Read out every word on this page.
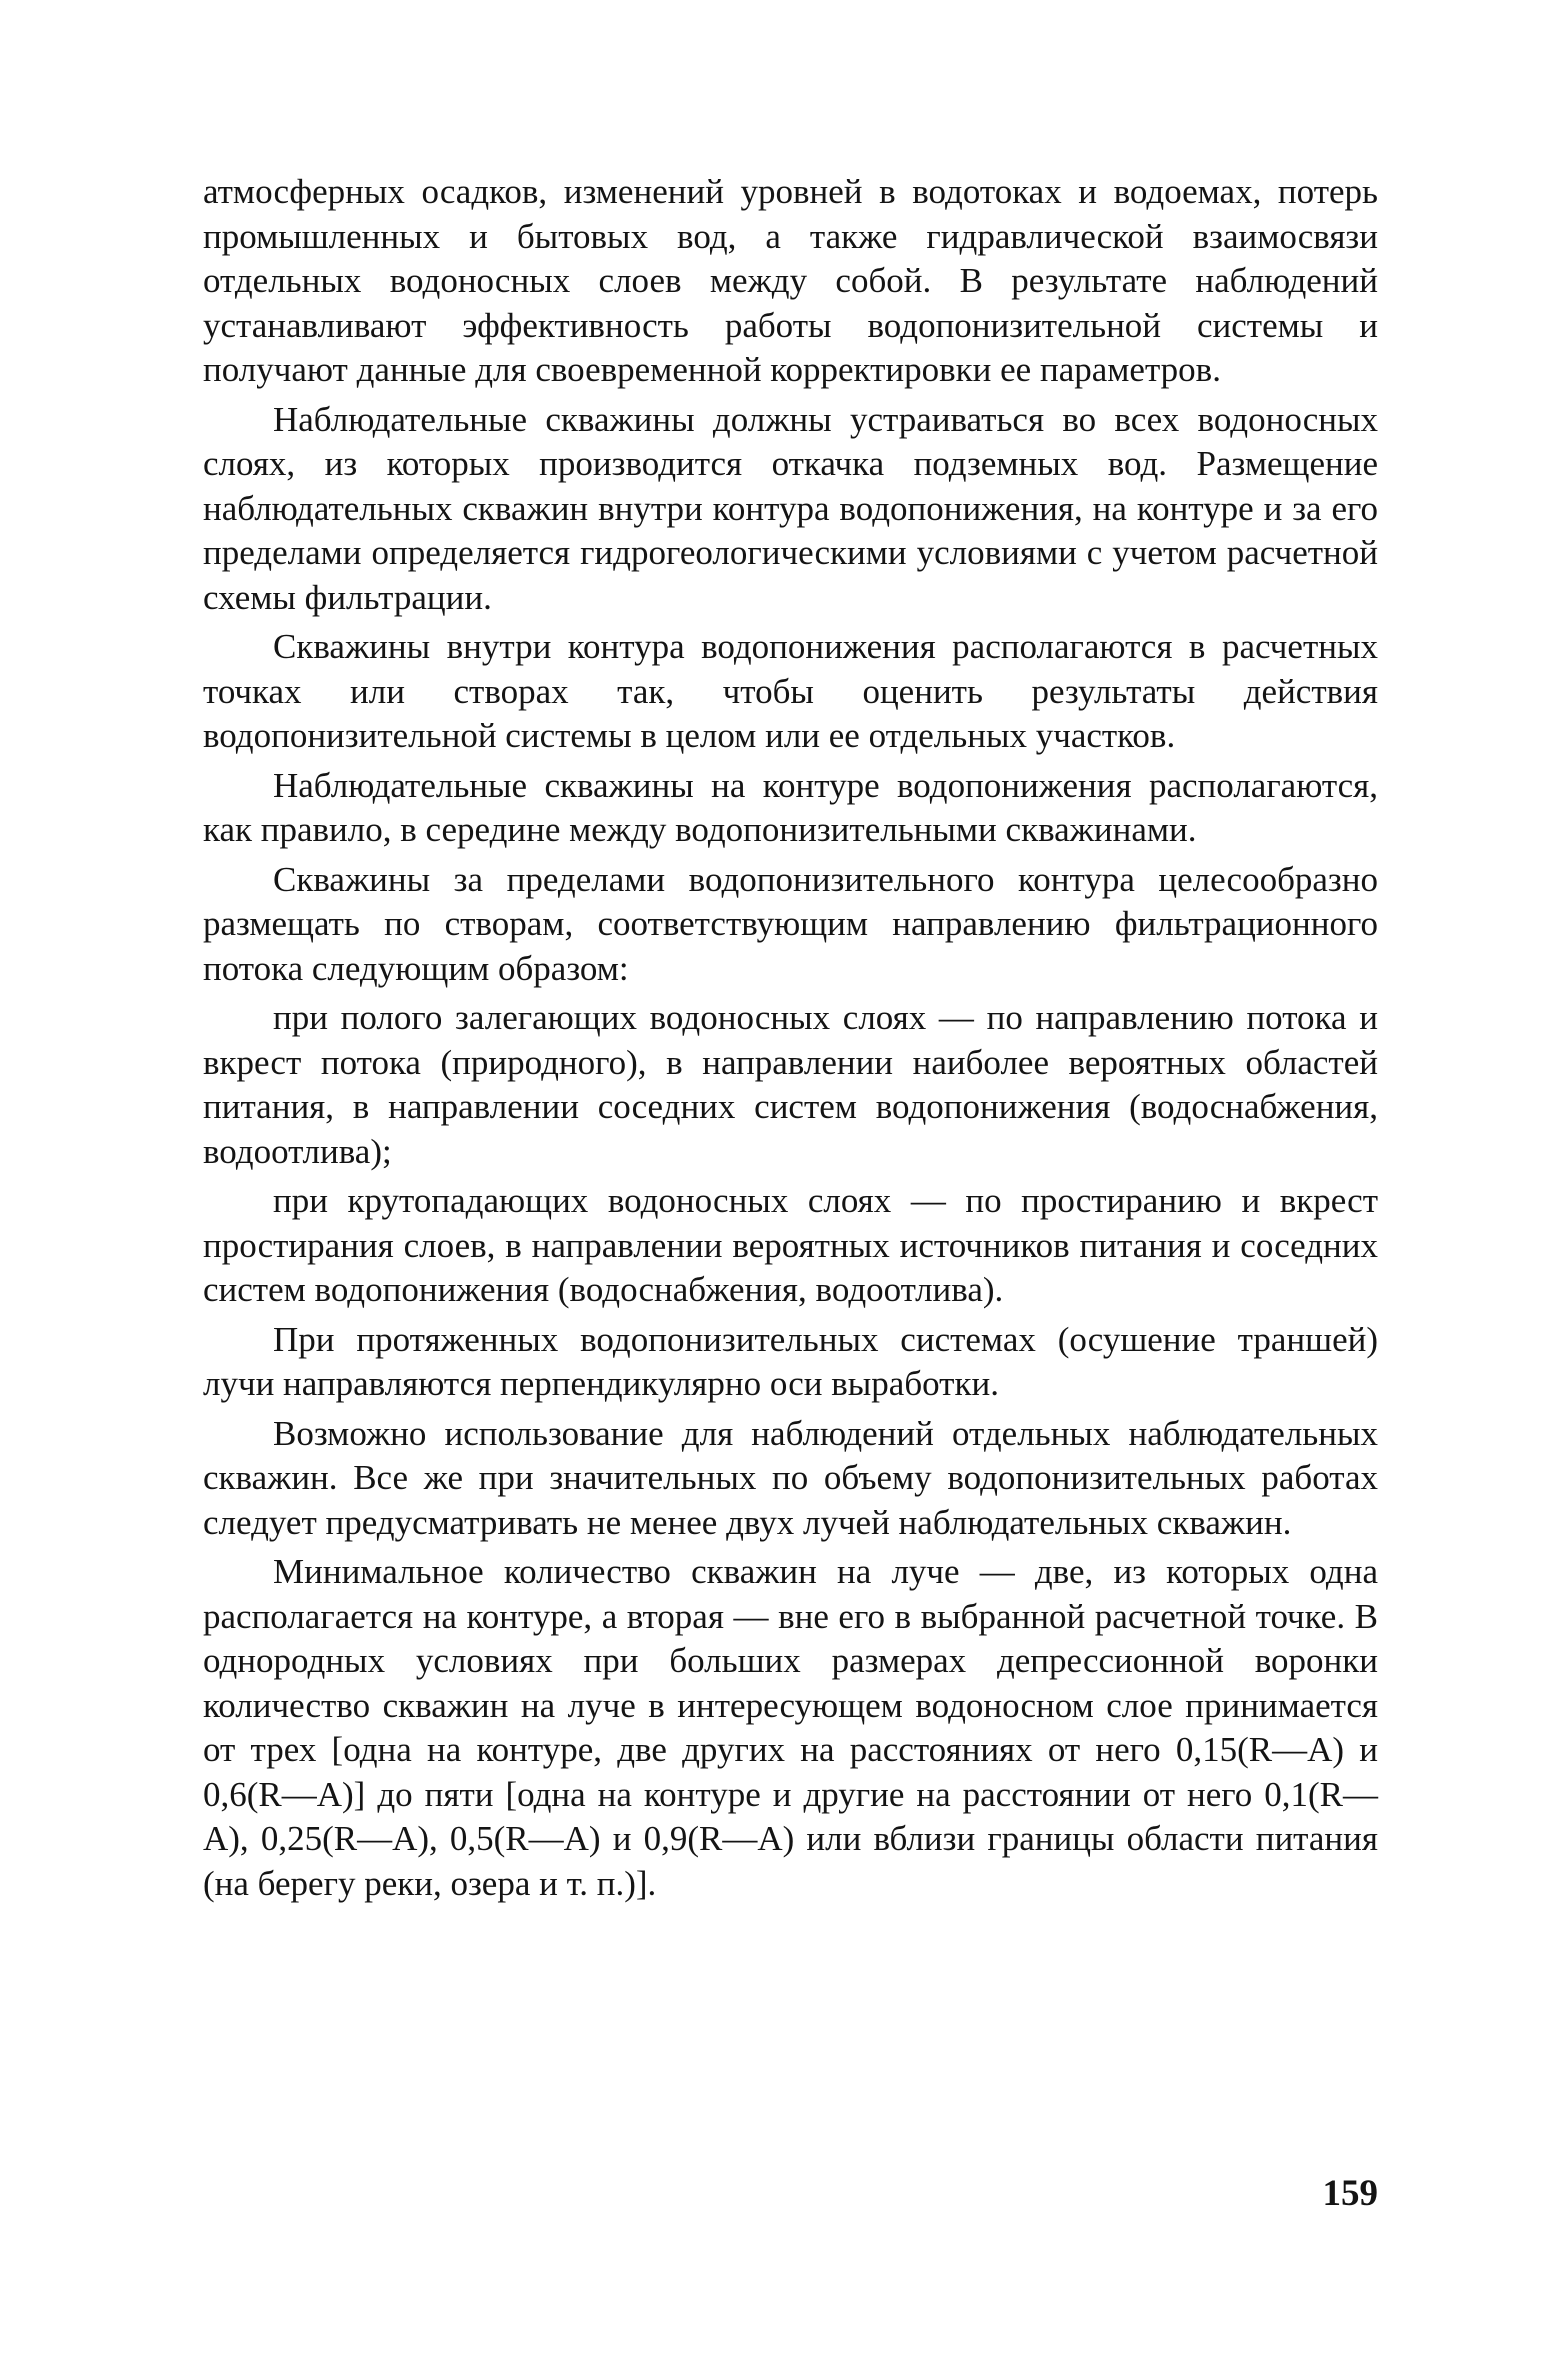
атмосферных осадков, изменений уровней в водотоках и водоемах, потерь промышленных и бытовых вод, а также гидравлической взаимосвязи отдельных водоносных слоев между собой. В результате наблюдений устанавливают эффективность работы водопонизительной системы и получают данные для своевременной корректировки ее параметров.

Наблюдательные скважины должны устраиваться во всех водоносных слоях, из которых производится откачка подземных вод. Размещение наблюдательных скважин внутри контура водопонижения, на контуре и за его пределами определяется гидрогеологическими условиями с учетом расчетной схемы фильтрации.

Скважины внутри контура водопонижения располагаются в расчетных точках или створах так, чтобы оценить результаты действия водопонизительной системы в целом или ее отдельных участков.

Наблюдательные скважины на контуре водопонижения располагаются, как правило, в середине между водопонизительными скважинами.

Скважины за пределами водопонизительного контура целесообразно размещать по створам, соответствующим направлению фильтрационного потока следующим образом:

при полого залегающих водоносных слоях — по направлению потока и вкрест потока (природного), в направлении наиболее вероятных областей питания, в направлении соседних систем водопонижения (водоснабжения, водоотлива);

при крутопадающих водоносных слоях — по простиранию и вкрест простирания слоев, в направлении вероятных источников питания и соседних систем водопонижения (водоснабжения, водоотлива).

При протяженных водопонизительных системах (осушение траншей) лучи направляются перпендикулярно оси выработки.

Возможно использование для наблюдений отдельных наблюдательных скважин. Все же при значительных по объему водопонизительных работах следует предусматривать не менее двух лучей наблюдательных скважин.

Минимальное количество скважин на луче — две, из которых одна располагается на контуре, а вторая — вне его в выбранной расчетной точке. В однородных условиях при больших размерах депрессионной воронки количество скважин на луче в интересующем водоносном слое принимается от трех [одна на контуре, две других на расстояниях от него 0,15(R—A) и 0,6(R—A)] до пяти [одна на контуре и другие на расстоянии от него 0,1(R—A), 0,25(R—A), 0,5(R—A) и 0,9(R—A) или вблизи границы области питания (на берегу реки, озера и т. п.)].

159
